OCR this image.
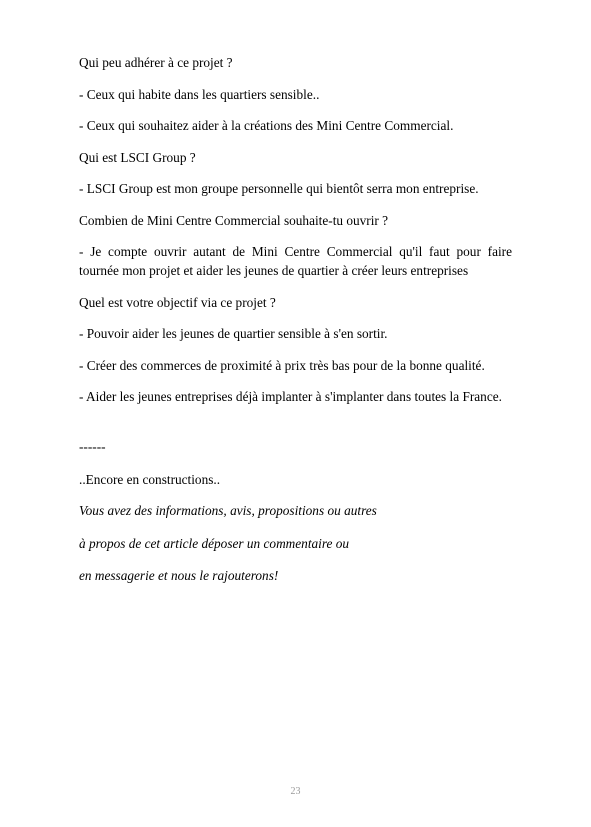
Qui peu adhérer à ce projet ?

- Ceux qui habite dans les quartiers sensible..

- Ceux qui souhaitez aider à la créations des Mini Centre Commercial.

Qui est LSCI Group ?

- LSCI Group est mon groupe personnelle qui bientôt serra mon entreprise.

Combien de Mini Centre Commercial souhaite-tu ouvrir ?

- Je compte ouvrir autant de Mini Centre Commercial qu'il faut pour faire tournée mon projet et aider les jeunes de quartier à créer leurs entreprises

Quel est votre objectif via ce projet ?

- Pouvoir aider les jeunes de quartier sensible à s'en sortir.

- Créer des commerces de proximité à prix très bas pour de la bonne qualité.

- Aider les jeunes entreprises déjà implanter à s'implanter dans toutes la France.

------

..Encore en constructions..

Vous avez des informations, avis, propositions ou autres

à propos de cet article déposer un commentaire ou

en messagerie et nous le rajouterons!

23
